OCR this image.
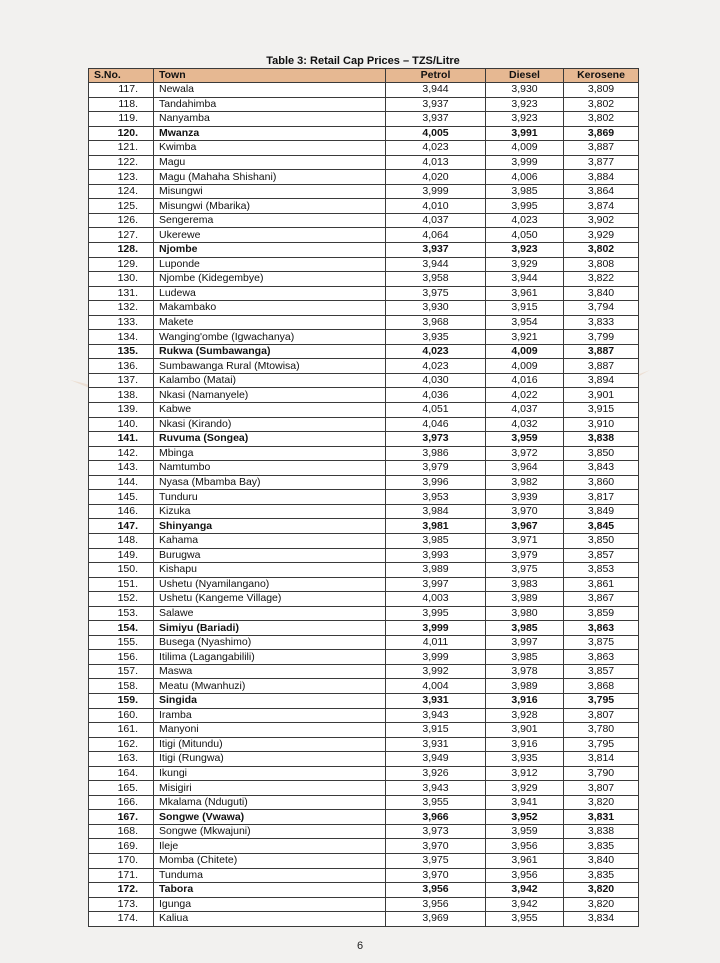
Table 3: Retail Cap Prices – TZS/Litre
S.No.	Town	Petrol	Diesel	Kerosene
117.	Newala	3,944	3,930	3,809
118.	Tandahimba	3,937	3,923	3,802
119.	Nanyamba	3,937	3,923	3,802
120.	Mwanza	4,005	3,991	3,869
121.	Kwimba	4,023	4,009	3,887
122.	Magu	4,013	3,999	3,877
123.	Magu (Mahaha Shishani)	4,020	4,006	3,884
124.	Misungwi	3,999	3,985	3,864
125.	Misungwi (Mbarika)	4,010	3,995	3,874
126.	Sengerema	4,037	4,023	3,902
127.	Ukerewe	4,064	4,050	3,929
128.	Njombe	3,937	3,923	3,802
129.	Luponde	3,944	3,929	3,808
130.	Njombe (Kidegembye)	3,958	3,944	3,822
131.	Ludewa	3,975	3,961	3,840
132.	Makambako	3,930	3,915	3,794
133.	Makete	3,968	3,954	3,833
134.	Wanging'ombe (Igwachanya)	3,935	3,921	3,799
135.	Rukwa (Sumbawanga)	4,023	4,009	3,887
136.	Sumbawanga Rural (Mtowisa)	4,023	4,009	3,887
137.	Kalambo (Matai)	4,030	4,016	3,894
138.	Nkasi (Namanyele)	4,036	4,022	3,901
139.	Kabwe	4,051	4,037	3,915
140.	Nkasi (Kirando)	4,046	4,032	3,910
141.	Ruvuma (Songea)	3,973	3,959	3,838
142.	Mbinga	3,986	3,972	3,850
143.	Namtumbo	3,979	3,964	3,843
144.	Nyasa (Mbamba Bay)	3,996	3,982	3,860
145.	Tunduru	3,953	3,939	3,817
146.	Kizuka	3,984	3,970	3,849
147.	Shinyanga	3,981	3,967	3,845
148.	Kahama	3,985	3,971	3,850
149.	Burugwa	3,993	3,979	3,857
150.	Kishapu	3,989	3,975	3,853
151.	Ushetu (Nyamilangano)	3,997	3,983	3,861
152.	Ushetu (Kangeme Village)	4,003	3,989	3,867
153.	Salawe	3,995	3,980	3,859
154.	Simiyu (Bariadi)	3,999	3,985	3,863
155.	Busega (Nyashimo)	4,011	3,997	3,875
156.	Itilima (Lagangabilili)	3,999	3,985	3,863
157.	Maswa	3,992	3,978	3,857
158.	Meatu (Mwanhuzi)	4,004	3,989	3,868
159.	Singida	3,931	3,916	3,795
160.	Iramba	3,943	3,928	3,807
161.	Manyoni	3,915	3,901	3,780
162.	Itigi (Mitundu)	3,931	3,916	3,795
163.	Itigi (Rungwa)	3,949	3,935	3,814
164.	Ikungi	3,926	3,912	3,790
165.	Misigiri	3,943	3,929	3,807
166.	Mkalama (Nduguti)	3,955	3,941	3,820
167.	Songwe (Vwawa)	3,966	3,952	3,831
168.	Songwe (Mkwajuni)	3,973	3,959	3,838
169.	Ileje	3,970	3,956	3,835
170.	Momba (Chitete)	3,975	3,961	3,840
171.	Tunduma	3,970	3,956	3,835
172.	Tabora	3,956	3,942	3,820
173.	Igunga	3,956	3,942	3,820
174.	Kaliua	3,969	3,955	3,834
6
